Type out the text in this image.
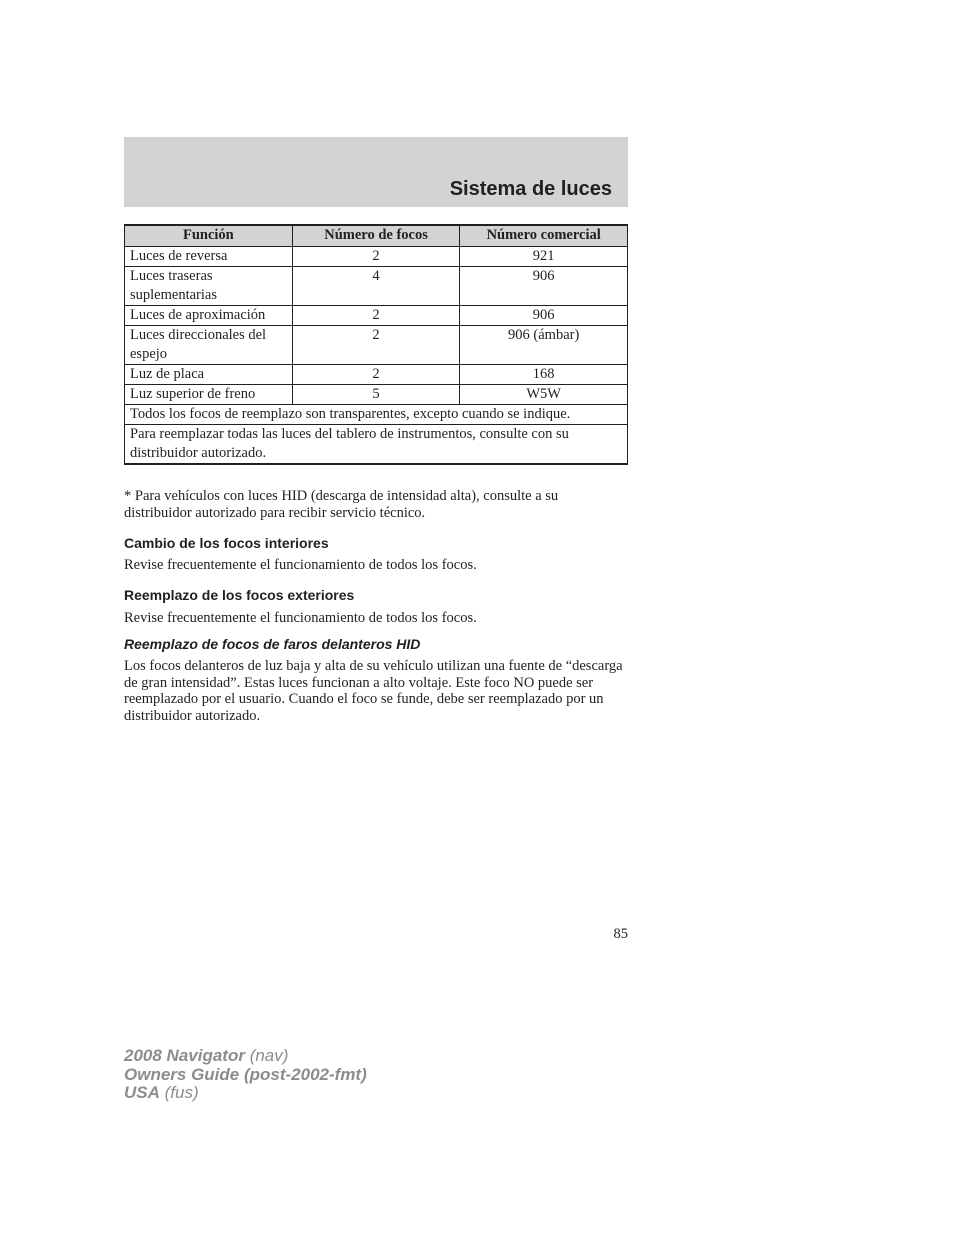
Sistema de luces
Función	Número de focos	Número comercial
Luces de reversa	2	921
Luces traseras suplementarias	4	906
Luces de aproximación	2	906
Luces direccionales del espejo	2	906 (ámbar)
Luz de placa	2	168
Luz superior de freno	5	W5W
Todos los focos de reemplazo son transparentes, excepto cuando se indique.		
Para reemplazar todas las luces del tablero de instrumentos, consulte con su distribuidor autorizado.		

* Para vehículos con luces HID (descarga de intensidad alta), consulte a su distribuidor autorizado para recibir servicio técnico.

Cambio de los focos interiores

Revise frecuentemente el funcionamiento de todos los focos.

Reemplazo de los focos exteriores

Revise frecuentemente el funcionamiento de todos los focos.

Reemplazo de focos de faros delanteros HID

Los focos delanteros de luz baja y alta de su vehículo utilizan una fuente de “descarga de gran intensidad”. Estas luces funcionan a alto voltaje. Este foco NO puede ser reemplazado por el usuario. Cuando el foco se funde, debe ser reemplazado por un distribuidor autorizado.

85
2008 Navigator (nav)
Owners Guide (post-2002-fmt)
USA (fus)
